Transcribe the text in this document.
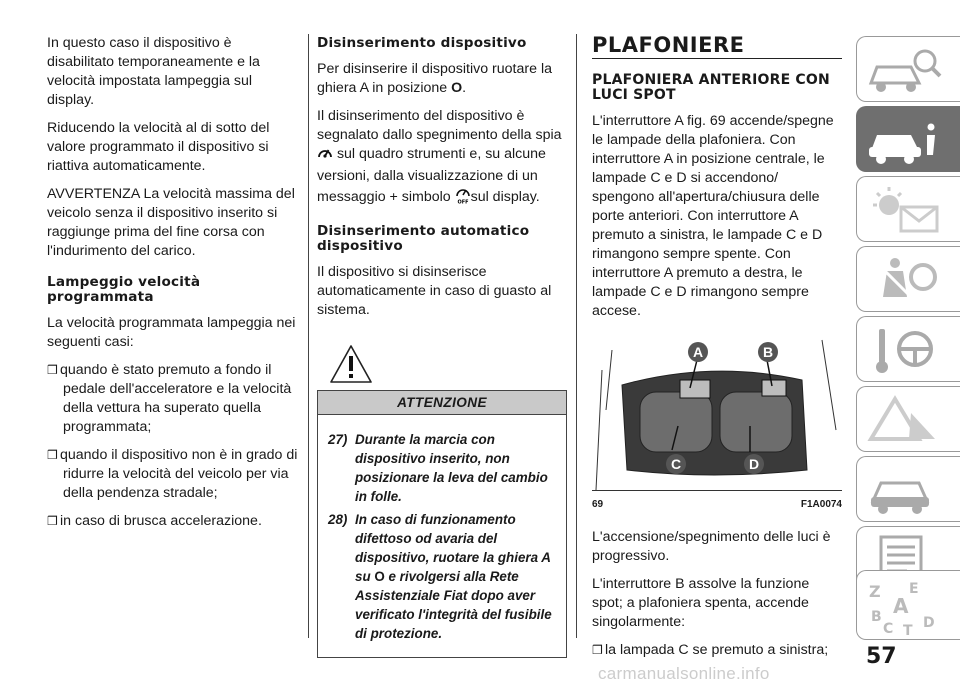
In questo caso il dispositivo è disabilitato temporaneamente e la velocità impostata lampeggia sul display.

Riducendo la velocità al di sotto del valore programmato il dispositivo si riattiva automaticamente.

AVVERTENZA La velocità massima del veicolo senza il dispositivo inserito si raggiunge prima del fine corsa con l'indurimento del carico.

Lampeggio velocità programmata

La velocità programmata lampeggia nei seguenti casi:

❒ quando è stato premuto a fondo il pedale dell'acceleratore e la velocità della vettura ha superato quella programmata;

❒ quando il dispositivo non è in grado di ridurre la velocità del veicolo per via della pendenza stradale;

❒ in caso di brusca accelerazione.

Disinserimento dispositivo

Per disinserire il dispositivo ruotare la ghiera A in posizione O.

Il disinserimento del dispositivo è segnalato dallo spegnimento della spia  sul quadro strumenti e, su alcune versioni, dalla visualizzazione di un messaggio + simbolo OFF sul display.

Disinserimento automatico dispositivo

Il dispositivo si disinserisce automaticamente in caso di guasto al sistema.

ATTENZIONE
27) Durante la marcia con dispositivo inserito, non posizionare la leva del cambio in folle.
28) In caso di funzionamento difettoso od avaria del dispositivo, ruotare la ghiera A su O e rivolgersi alla Rete Assistenziale Fiat dopo aver verificato l'integrità del fusibile di protezione.
PLAFONIERE
PLAFONIERA ANTERIORE CON LUCI SPOT

L'interruttore A fig. 69 accende/spegne le lampade della plafoniera. Con interruttore A in posizione centrale, le lampade C e D si accendono/ spengono all'apertura/chiusura delle porte anteriori. Con interruttore A premuto a sinistra, le lampade C e D rimangono sempre spente. Con interruttore A premuto a destra, le lampade C e D rimangono sempre accese.

A	B
C	D
69	F1A0074

L'accensione/spegnimento delle luci è progressivo.

L'interruttore B assolve la funzione spot; a plafoniera spenta, accende singolarmente:

❒ la lampada C se premuto a sinistra;

Z E
A
B
C T D
57
carmanualsonline.info
